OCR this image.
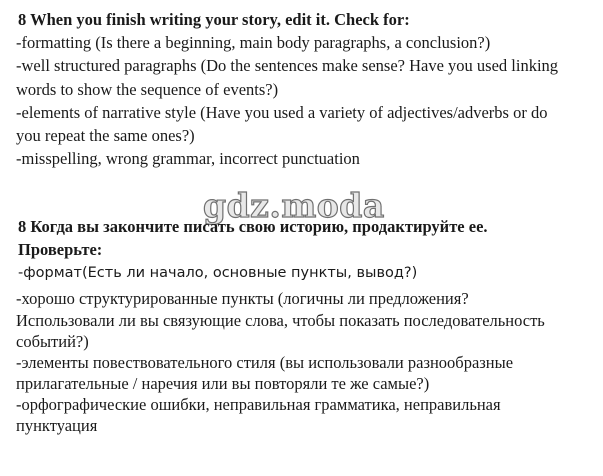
8 When you finish writing your story, edit it. Check for:
-formatting (Is there a beginning, main body paragraphs, a conclusion?)
-well structured paragraphs (Do the sentences make sense? Have you used linking
words to show the sequence of events?)
-elements of narrative style (Have you used a variety of adjectives/adverbs or do
you repeat the same ones?)
-misspelling, wrong grammar, incorrect punctuation
gdz.moda
8 Когда вы закончите писать свою историю, продактируйте ее.
Проверьте:
-формат(Есть ли начало, основные пункты, вывод?)
-хорошо структурированные пункты (логичны ли предложения?
Использовали ли вы связующие слова, чтобы показать последовательность
событий?)
-элементы повествовательного стиля (вы использовали разнообразные
прилагательные / наречия или вы повторяли те же самые?)
-орфографические ошибки, неправильная грамматика, неправильная
пунктуация
